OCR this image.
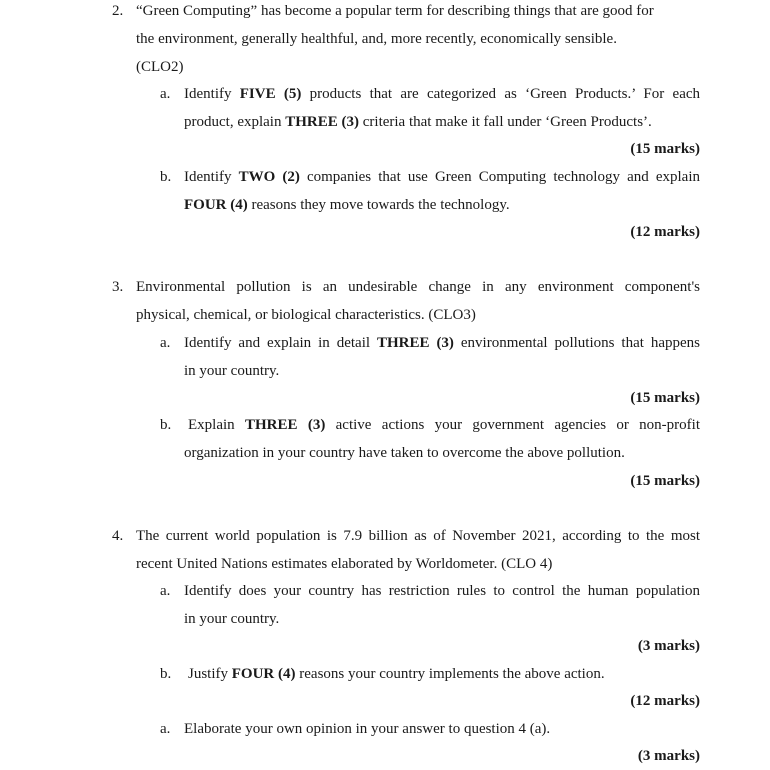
2. “Green Computing” has become a popular term for describing things that are good for
the environment, generally healthful, and, more recently, economically sensible.
(CLO2)
a. Identify FIVE (5) products that are categorized as ‘Green Products.’ For each
product, explain THREE (3) criteria that make it fall under ‘Green Products’.
(15 marks)
b. Identify TWO (2) companies that use Green Computing technology and explain
FOUR (4) reasons they move towards the technology.
(12 marks)
3. Environmental pollution is an undesirable change in any environment component's
physical, chemical, or biological characteristics. (CLO3)
a. Identify and explain in detail THREE (3) environmental pollutions that happens
in your country.
(15 marks)
b. Explain THREE (3) active actions your government agencies or non-profit
organization in your country have taken to overcome the above pollution.
(15 marks)
4. The current world population is 7.9 billion as of November 2021, according to the most
recent United Nations estimates elaborated by Worldometer. (CLO 4)
a. Identify does your country has restriction rules to control the human population
in your country.
(3 marks)
b. Justify FOUR (4) reasons your country implements the above action.
(12 marks)
a. Elaborate your own opinion in your answer to question 4 (a).
(3 marks)
